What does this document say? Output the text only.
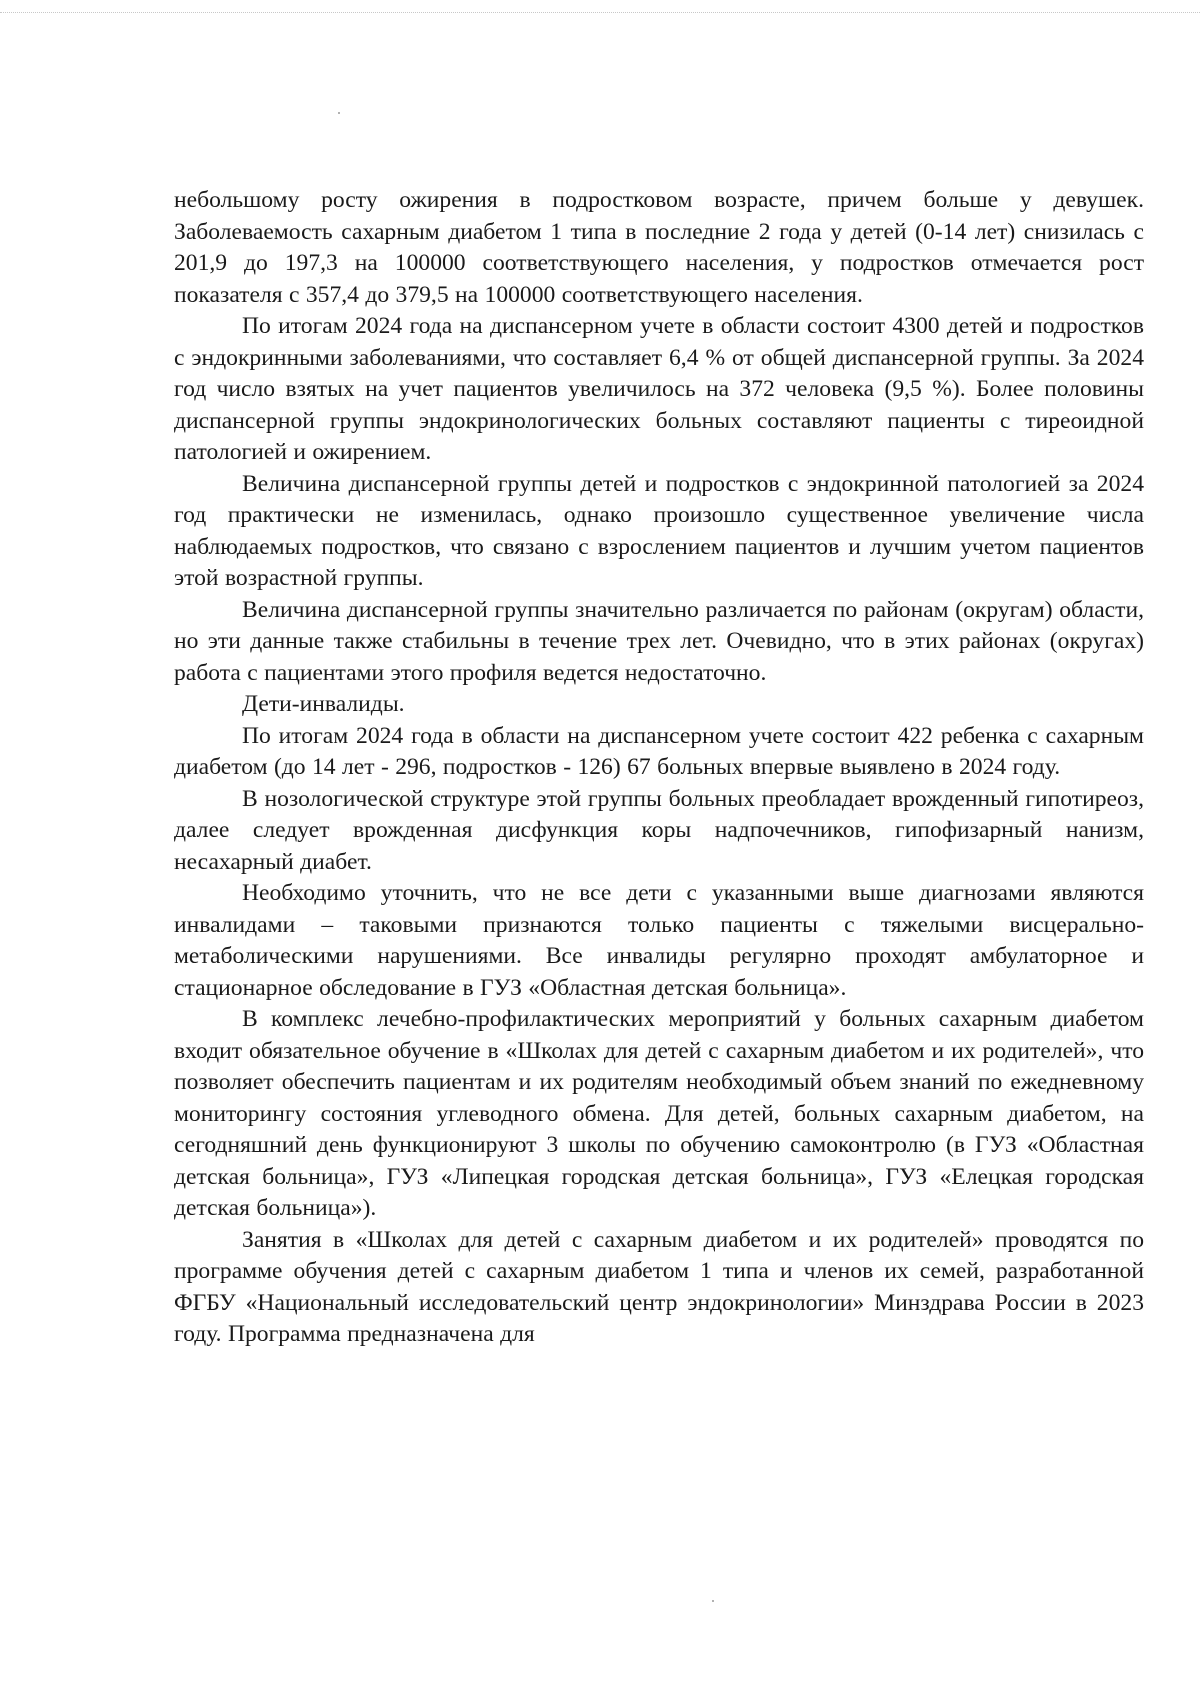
небольшому росту ожирения в подростковом возрасте, причем больше у девушек. Заболеваемость сахарным диабетом 1 типа в последние 2 года у детей (0-14 лет) снизилась с 201,9 до 197,3 на 100000 соответствующего населения, у подростков отмечается рост показателя с 357,4 до 379,5 на 100000 соответствующего населения.

По итогам 2024 года на диспансерном учете в области состоит 4300 детей и подростков с эндокринными заболеваниями, что составляет 6,4 % от общей диспансерной группы. За 2024 год число взятых на учет пациентов увеличилось на 372 человека (9,5 %). Более половины диспансерной группы эндокринологических больных составляют пациенты с тиреоидной патологией и ожирением.

Величина диспансерной группы детей и подростков с эндокринной патологией за 2024 год практически не изменилась, однако произошло существенное увеличение числа наблюдаемых подростков, что связано с взрослением пациентов и лучшим учетом пациентов этой возрастной группы.

Величина диспансерной группы значительно различается по районам (округам) области, но эти данные также стабильны в течение трех лет. Очевидно, что в этих районах (округах) работа с пациентами этого профиля ведется недостаточно.

Дети-инвалиды.

По итогам 2024 года в области на диспансерном учете состоит 422 ребенка с сахарным диабетом (до 14 лет - 296, подростков - 126) 67 больных впервые выявлено в 2024 году.

В нозологической структуре этой группы больных преобладает врожденный гипотиреоз, далее следует врожденная дисфункция коры надпочечников, гипофизарный нанизм, несахарный диабет.

Необходимо уточнить, что не все дети с указанными выше диагнозами являются инвалидами – таковыми признаются только пациенты с тяжелыми висцерально-метаболическими нарушениями. Все инвалиды регулярно проходят амбулаторное и стационарное обследование в ГУЗ «Областная детская больница».

В комплекс лечебно-профилактических мероприятий у больных сахарным диабетом входит обязательное обучение в «Школах для детей с сахарным диабетом и их родителей», что позволяет обеспечить пациентам и их родителям необходимый объем знаний по ежедневному мониторингу состояния углеводного обмена. Для детей, больных сахарным диабетом, на сегодняшний день функционируют 3 школы по обучению самоконтролю (в ГУЗ «Областная детская больница», ГУЗ «Липецкая городская детская больница», ГУЗ «Елецкая городская детская больница»).

Занятия в «Школах для детей с сахарным диабетом и их родителей» проводятся по программе обучения детей с сахарным диабетом 1 типа и членов их семей, разработанной ФГБУ «Национальный исследовательский центр эндокринологии» Минздрава России в 2023 году. Программа предназначена для
